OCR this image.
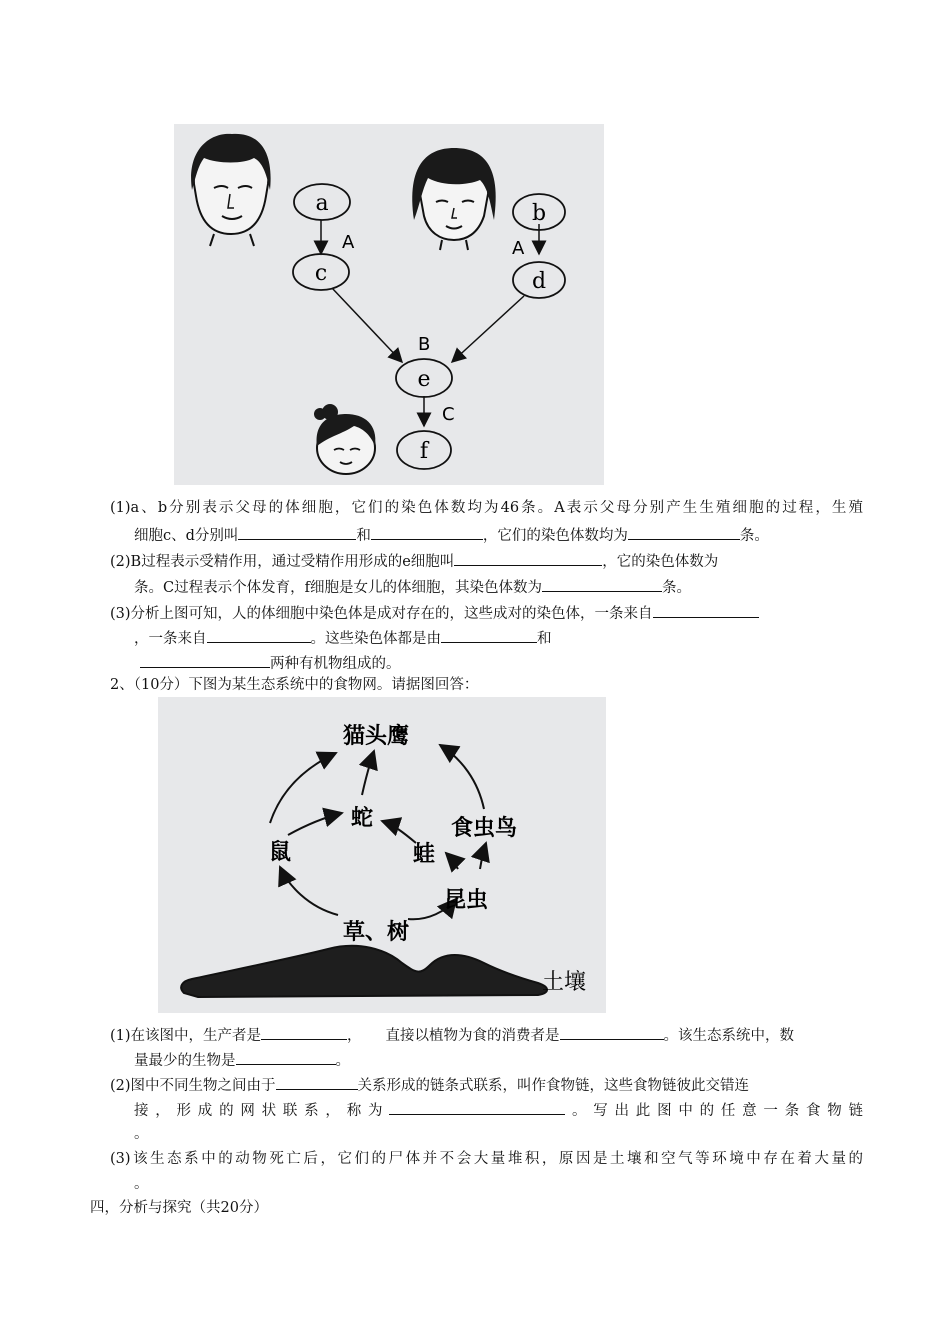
a	b
c	d
e
f
A	A
B
C
(1)a、b分别表示父母的体细胞，它们的染色体数均为46条。A表示父母分别产生生殖细胞的过程，生殖
细胞c、d分别叫	和	，它们的染色体数均为	条。
(2)B过程表示受精作用，通过受精作用形成的e细胞叫	，它的染色体数为
条。C过程表示个体发育，f细胞是女儿的体细胞，其染色体数为	条。
(3)分析上图可知，人的体细胞中染色体是成对存在的，这些成对的染色体，一条来自
，一条来自	。这些染色体都是由	和
两种有机物组成的。
2、（10分）下图为某生态系统中的食物网。请据图回答：
猫头鹰
蛇	食虫鸟
鼠	蛙
昆虫
草、树
土壤
(1)在该图中，生产者是	， 直接以植物为食的消费者是	。该生态系统中，数
量最少的生物是	。
(2)图中不同生物之间由于	关系形成的链条式联系，叫作食物链，这些食物链彼此交错连
接，形成的网状联系，称为	。写出此图中的任意一条食物链
。
(3)该生态系中的动物死亡后，它们的尸体并不会大量堆积，原因是土壤和空气等环境中存在着大量的
。
四，分析与探究（共20分）
